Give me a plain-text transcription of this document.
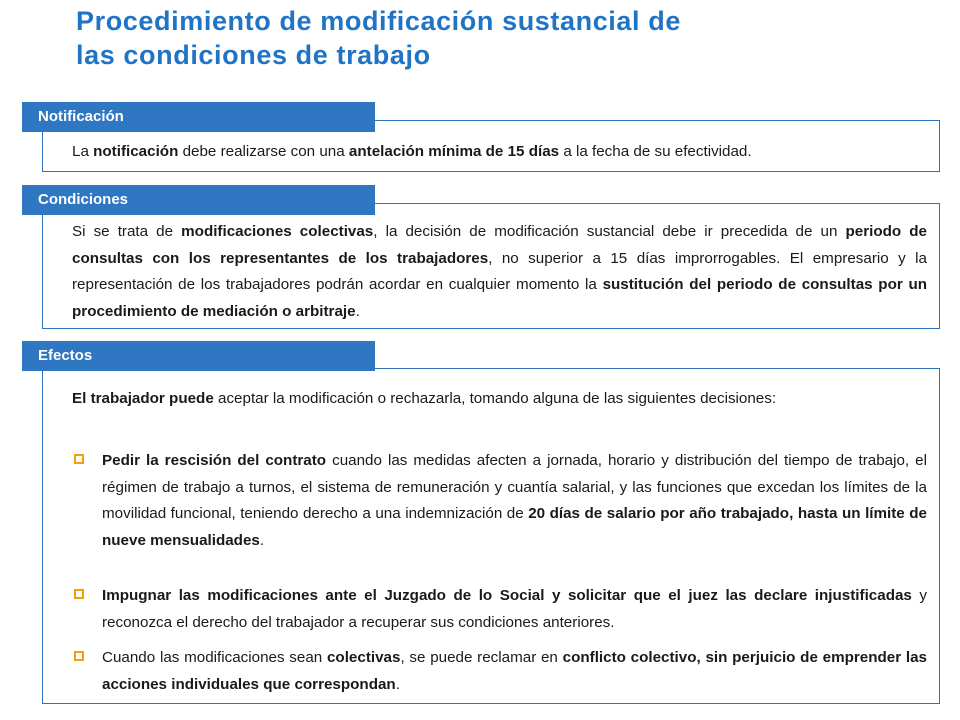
Procedimiento de modificación sustancial de
las condiciones de trabajo
Notificación
La notificación debe realizarse con una antelación mínima de 15 días a la fecha de su efectividad.
Condiciones
Si se trata de modificaciones colectivas, la decisión de modificación sustancial debe ir precedida de un periodo de consultas con los representantes de los trabajadores, no superior a 15 días improrrogables. El empresario y la representación de los trabajadores podrán acordar en cualquier momento la sustitución del periodo de consultas por un procedimiento de mediación o arbitraje.
Efectos
El trabajador puede aceptar la modificación o rechazarla, tomando alguna de las siguientes decisiones:
Pedir la rescisión del contrato cuando las medidas afecten a jornada, horario y distribución del tiempo de trabajo, el régimen de trabajo a turnos, el sistema de remuneración y cuantía salarial, y las funciones que excedan los límites de la movilidad funcional, teniendo derecho a una indemnización de 20 días de salario por año trabajado, hasta un límite de nueve mensualidades.
Impugnar las modificaciones ante el Juzgado de lo Social y solicitar que el juez las declare injustificadas y reconozca el derecho del trabajador a recuperar sus condiciones anteriores.
Cuando las modificaciones sean colectivas, se puede reclamar en conflicto colectivo, sin perjuicio de emprender las acciones individuales que correspondan.
